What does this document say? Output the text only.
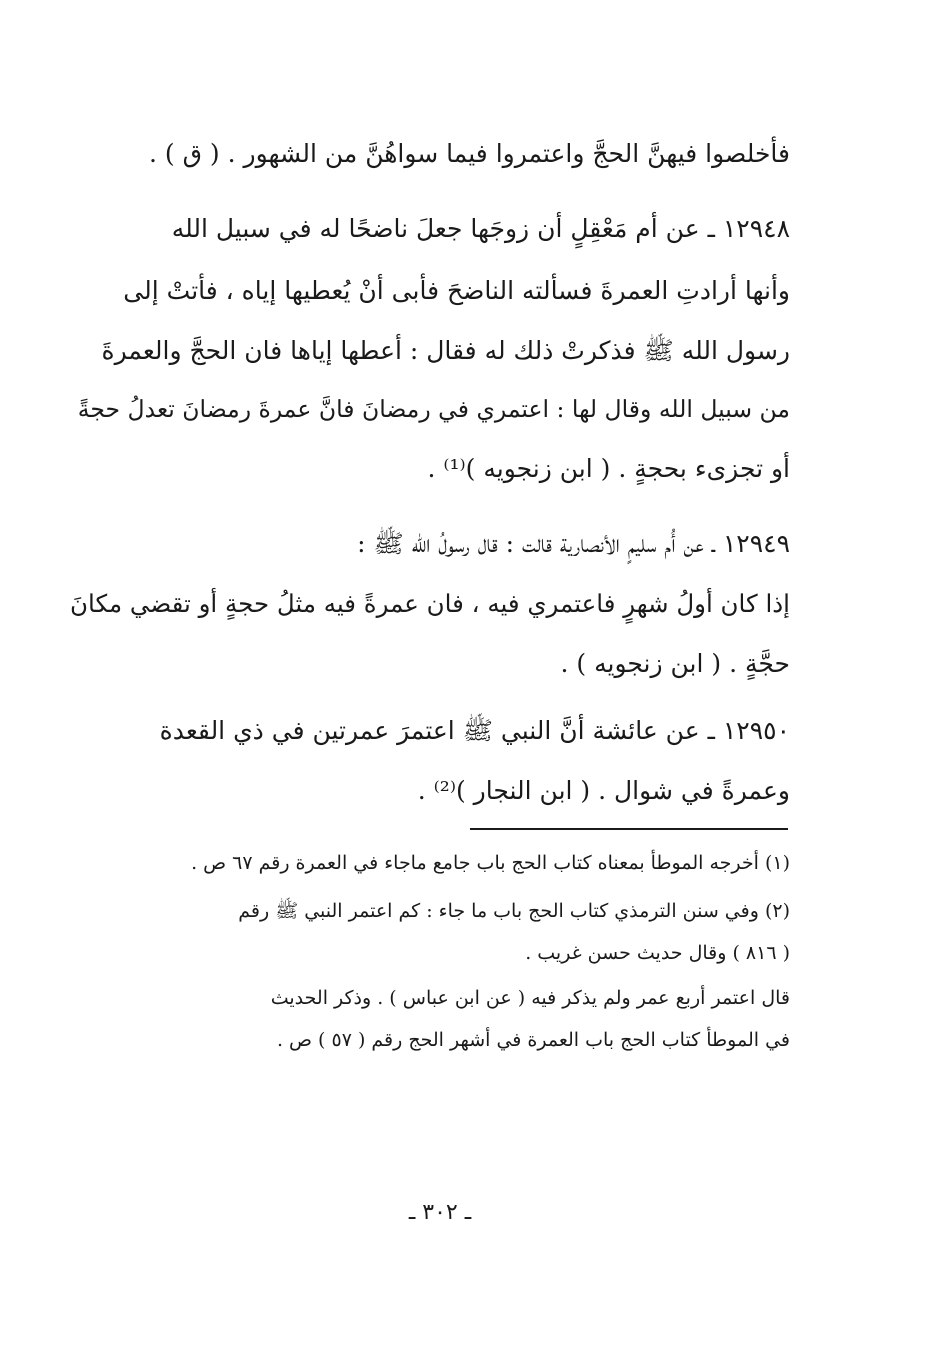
فأخلصوا فيهنَّ الحجَّ واعتمروا فيما سواهُنَّ من الشهور . ( ق ) .
١٢٩٤٨ ـ عن أم مَعْقِلٍ أن زوجَها جعلَ ناضحًا له في سبيل الله
وأنها أرادتِ العمرةَ فسألته الناضحَ فأبى أنْ يُعطيها إياه ، فأتتْ إلى
رسول الله ﷺ فذكرتْ ذلك له فقال : أعطها إياها فان الحجَّ والعمرةَ
من سبيل الله وقال لها : اعتمري في رمضانَ فانَّ عمرةَ رمضانَ تعدلُ حجةً
أو تجزىء بحجةٍ . ( ابن زنجويه )⁽¹⁾ .
١٢٩٤٩ ـ عن أُم سليمٍ الأنصارية قالت : قال رسولُ الله ﷺ :
إذا كان أولُ شهرٍ فاعتمري فيه ، فان عمرةً فيه مثلُ حجةٍ أو تقضي مكانَ
حجَّةٍ . ( ابن زنجويه ) .
١٢٩٥٠ ـ عن عائشة أنَّ النبي ﷺ اعتمرَ عمرتين في ذي القعدة
وعمرةً في شوال . ( ابن النجار )⁽²⁾ .
(١) أخرجه الموطأ بمعناه كتاب الحج باب جامع ماجاء في العمرة رقم ٦٧ ص .
(٢) وفي سنن الترمذي كتاب الحج باب ما جاء : كم اعتمر النبي ﷺ رقم
( ٨١٦ ) وقال حديث حسن غريب .
قال اعتمر أربع عمر ولم يذكر فيه ( عن ابن عباس ) . وذكر الحديث
في الموطأ كتاب الحج باب العمرة في أشهر الحج رقم ( ٥٧ ) ص .
ـ ٣٠٢ ـ
